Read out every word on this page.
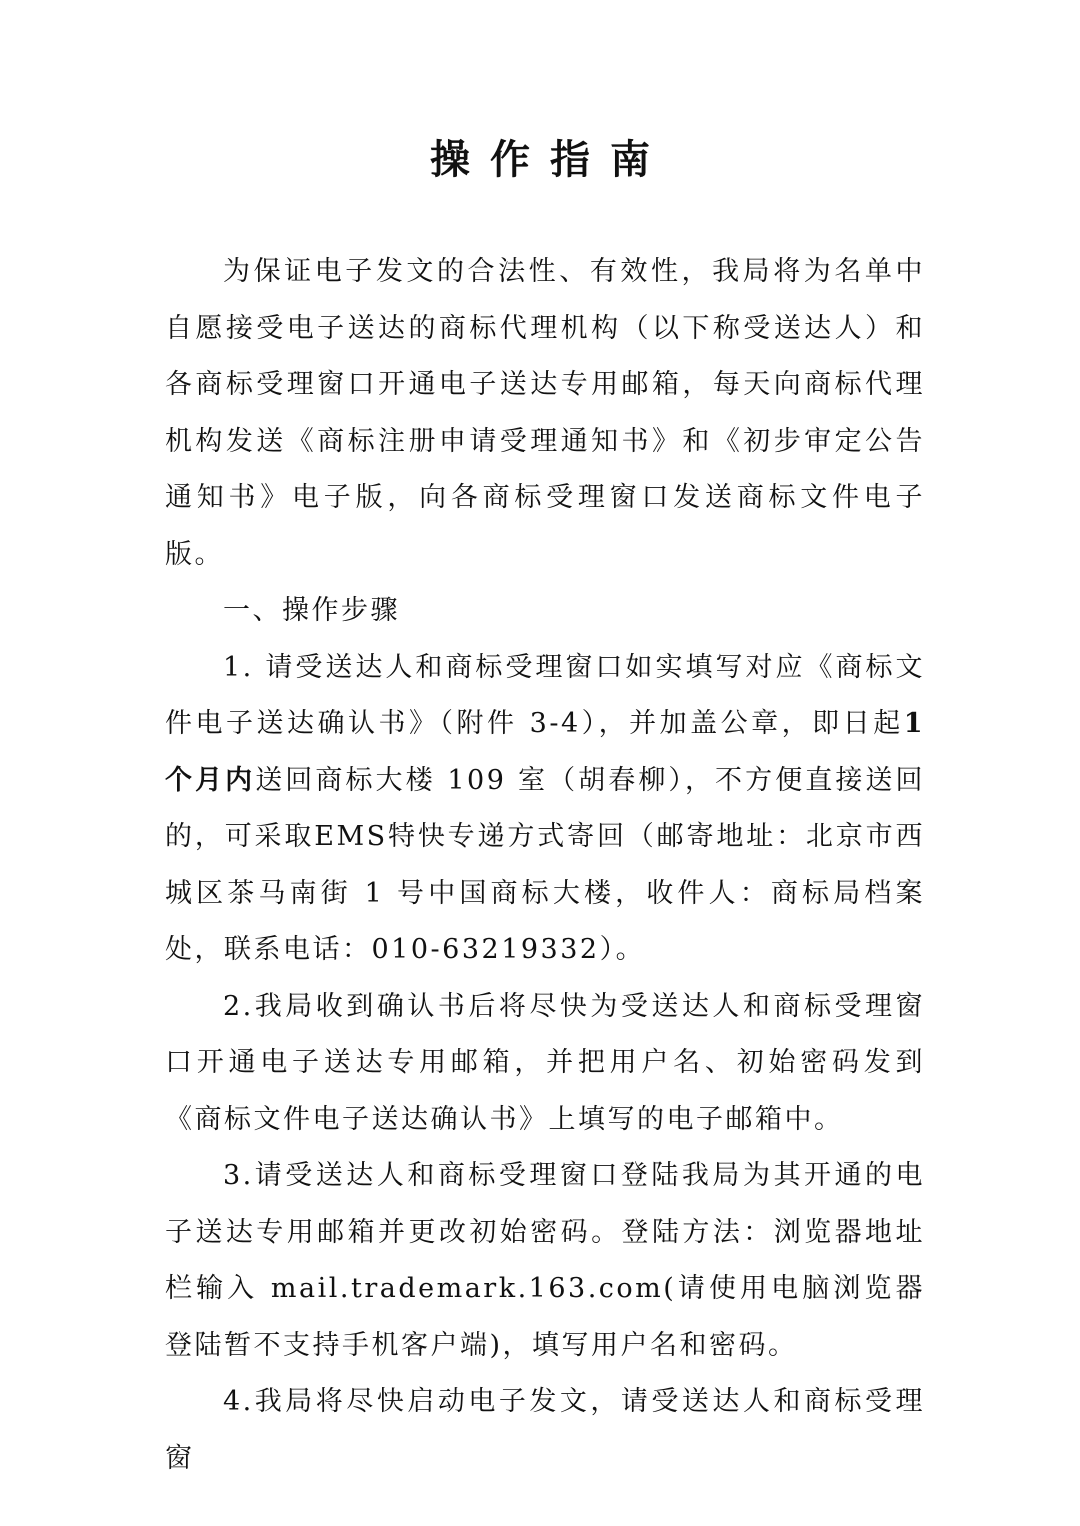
操作指南

为保证电子发文的合法性、有效性，我局将为名单中自愿接受电子送达的商标代理机构（以下称受送达人）和各商标受理窗口开通电子送达专用邮箱，每天向商标代理机构发送《商标注册申请受理通知书》和《初步审定公告通知书》电子版，向各商标受理窗口发送商标文件电子版。

一、操作步骤

1. 请受送达人和商标受理窗口如实填写对应《商标文件电子送达确认书》（附件 3-4），并加盖公章，即日起1个月内送回商标大楼 109 室（胡春柳），不方便直接送回的，可采取EMS特快专递方式寄回（邮寄地址：北京市西城区茶马南街 1 号中国商标大楼，收件人：商标局档案处，联系电话：010-63219332）。

2.我局收到确认书后将尽快为受送达人和商标受理窗口开通电子送达专用邮箱，并把用户名、初始密码发到《商标文件电子送达确认书》上填写的电子邮箱中。

3.请受送达人和商标受理窗口登陆我局为其开通的电子送达专用邮箱并更改初始密码。登陆方法：浏览器地址栏输入 mail.trademark.163.com(请使用电脑浏览器登陆暂不支持手机客户端)，填写用户名和密码。

4.我局将尽快启动电子发文，请受送达人和商标受理窗
